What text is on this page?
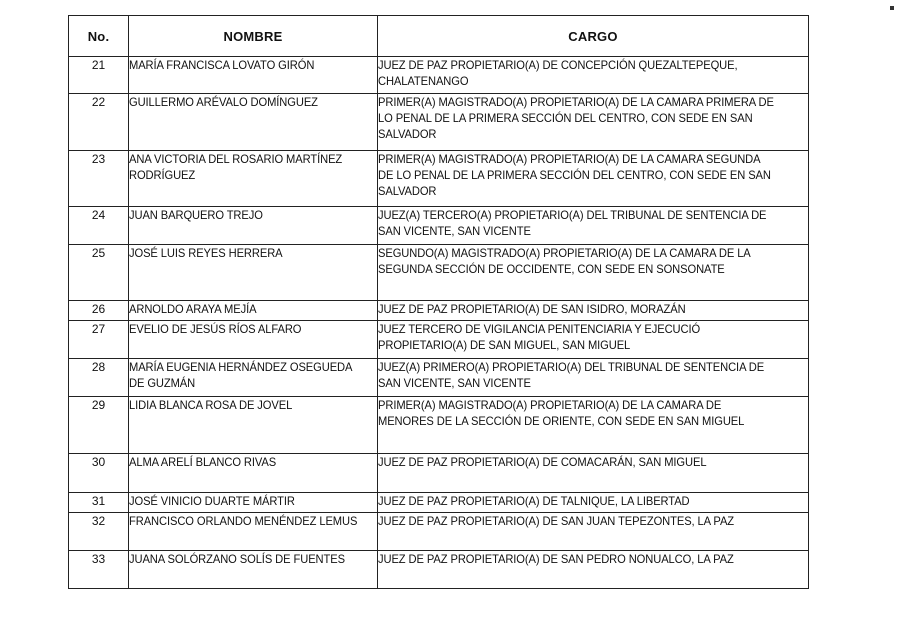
No.	NOMBRE	CARGO

21	MARÍA FRANCISCA LOVATO GIRÓN	JUEZ DE PAZ PROPIETARIO(A) DE CONCEPCIÓN QUEZALTEPEQUE, CHALATENANGO

22	GUILLERMO ARÉVALO DOMÍNGUEZ	PRIMER(A) MAGISTRADO(A) PROPIETARIO(A) DE LA CAMARA PRIMERA DE LO PENAL DE LA PRIMERA SECCIÓN DEL CENTRO, CON SEDE EN SAN SALVADOR

23	ANA VICTORIA DEL ROSARIO MARTÍNEZ RODRÍGUEZ	PRIMER(A) MAGISTRADO(A) PROPIETARIO(A) DE LA CAMARA SEGUNDA DE LO PENAL DE LA PRIMERA SECCIÓN DEL CENTRO, CON SEDE EN SAN SALVADOR

24	JUAN BARQUERO TREJO	JUEZ(A) TERCERO(A) PROPIETARIO(A) DEL TRIBUNAL DE SENTENCIA DE SAN VICENTE, SAN VICENTE

25	JOSÉ LUIS REYES HERRERA	SEGUNDO(A) MAGISTRADO(A) PROPIETARIO(A) DE LA CAMARA DE LA SEGUNDA SECCIÓN DE OCCIDENTE, CON SEDE EN SONSONATE

26	ARNOLDO ARAYA MEJÍA	JUEZ DE PAZ PROPIETARIO(A) DE SAN ISIDRO, MORAZÁN

27	EVELIO DE JESÚS RÍOS ALFARO	JUEZ TERCERO DE VIGILANCIA PENITENCIARIA Y EJECUCIÓ PROPIETARIO(A) DE SAN MIGUEL, SAN MIGUEL

28	MARÍA EUGENIA HERNÁNDEZ OSEGUEDA DE GUZMÁN	JUEZ(A) PRIMERO(A) PROPIETARIO(A) DEL TRIBUNAL DE SENTENCIA DE SAN VICENTE, SAN VICENTE

29	LIDIA BLANCA ROSA DE JOVEL	PRIMER(A) MAGISTRADO(A) PROPIETARIO(A) DE LA CAMARA DE MENORES DE LA SECCIÓN DE ORIENTE, CON SEDE EN SAN MIGUEL

30	ALMA ARELÍ BLANCO RIVAS	JUEZ DE PAZ PROPIETARIO(A) DE COMACARÁN, SAN MIGUEL

31	JOSÉ VINICIO DUARTE MÁRTIR	JUEZ DE PAZ PROPIETARIO(A) DE TALNIQUE, LA LIBERTAD

32	FRANCISCO ORLANDO MENÉNDEZ LEMUS	JUEZ DE PAZ PROPIETARIO(A) DE SAN JUAN TEPEZONTES, LA PAZ

33	JUANA SOLÓRZANO SOLÍS DE FUENTES	JUEZ DE PAZ PROPIETARIO(A) DE SAN PEDRO NONUALCO, LA PAZ
